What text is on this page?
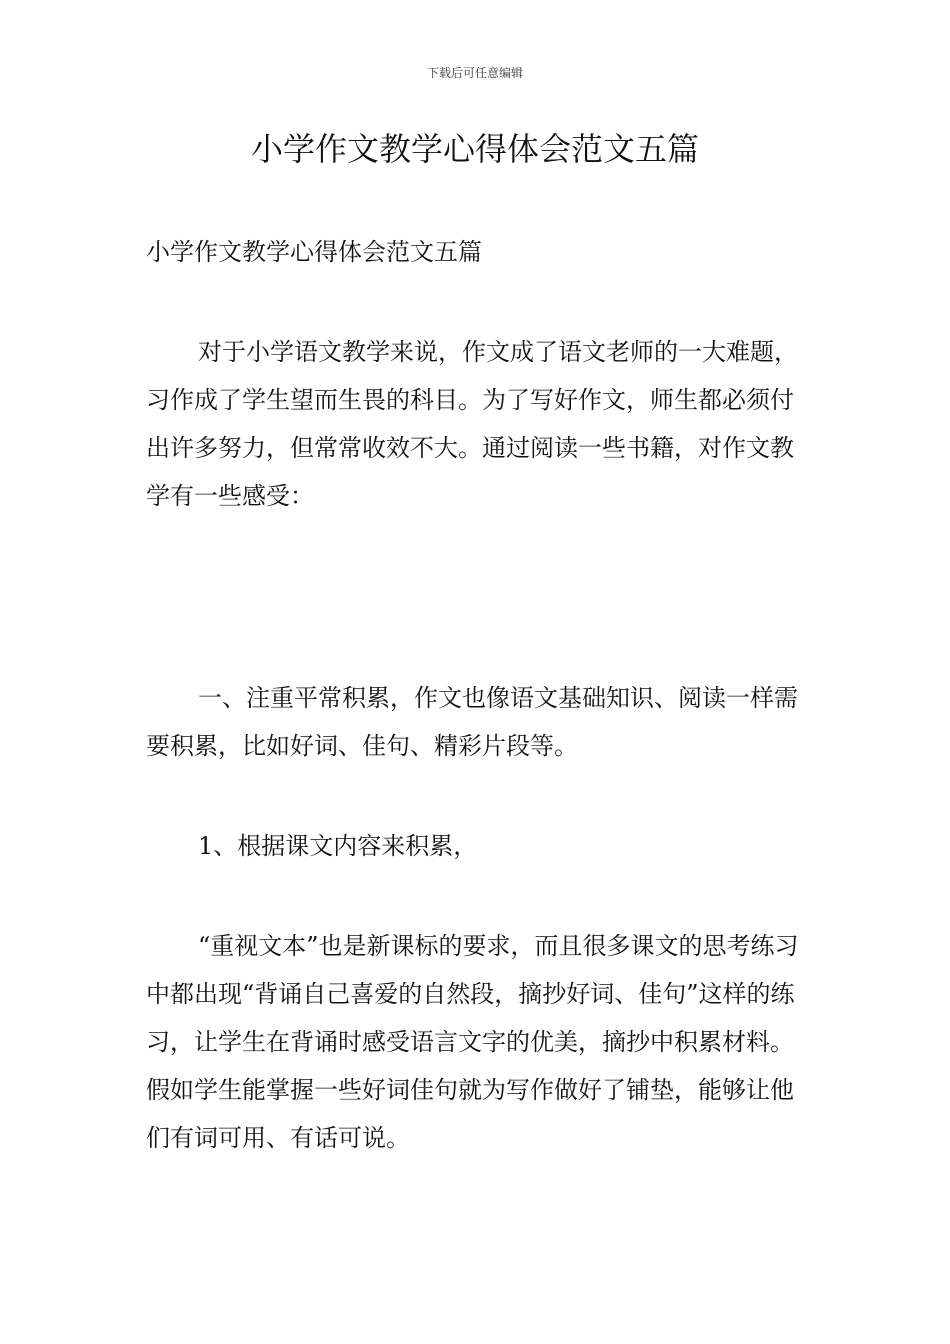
下载后可任意编辑
小学作文教学心得体会范文五篇

小学作文教学心得体会范文五篇

对于小学语文教学来说，作文成了语文老师的一大难题，习作成了学生望而生畏的科目。为了写好作文，师生都必须付出许多努力，但常常收效不大。通过阅读一些书籍，对作文教学有一些感受：

一、注重平常积累，作文也像语文基础知识、阅读一样需要积累，比如好词、佳句、精彩片段等。

1、根据课文内容来积累，

“重视文本”也是新课标的要求，而且很多课文的思考练习中都出现“背诵自己喜爱的自然段，摘抄好词、佳句”这样的练习，让学生在背诵时感受语言文字的优美，摘抄中积累材料。假如学生能掌握一些好词佳句就为写作做好了铺垫，能够让他们有词可用、有话可说。
